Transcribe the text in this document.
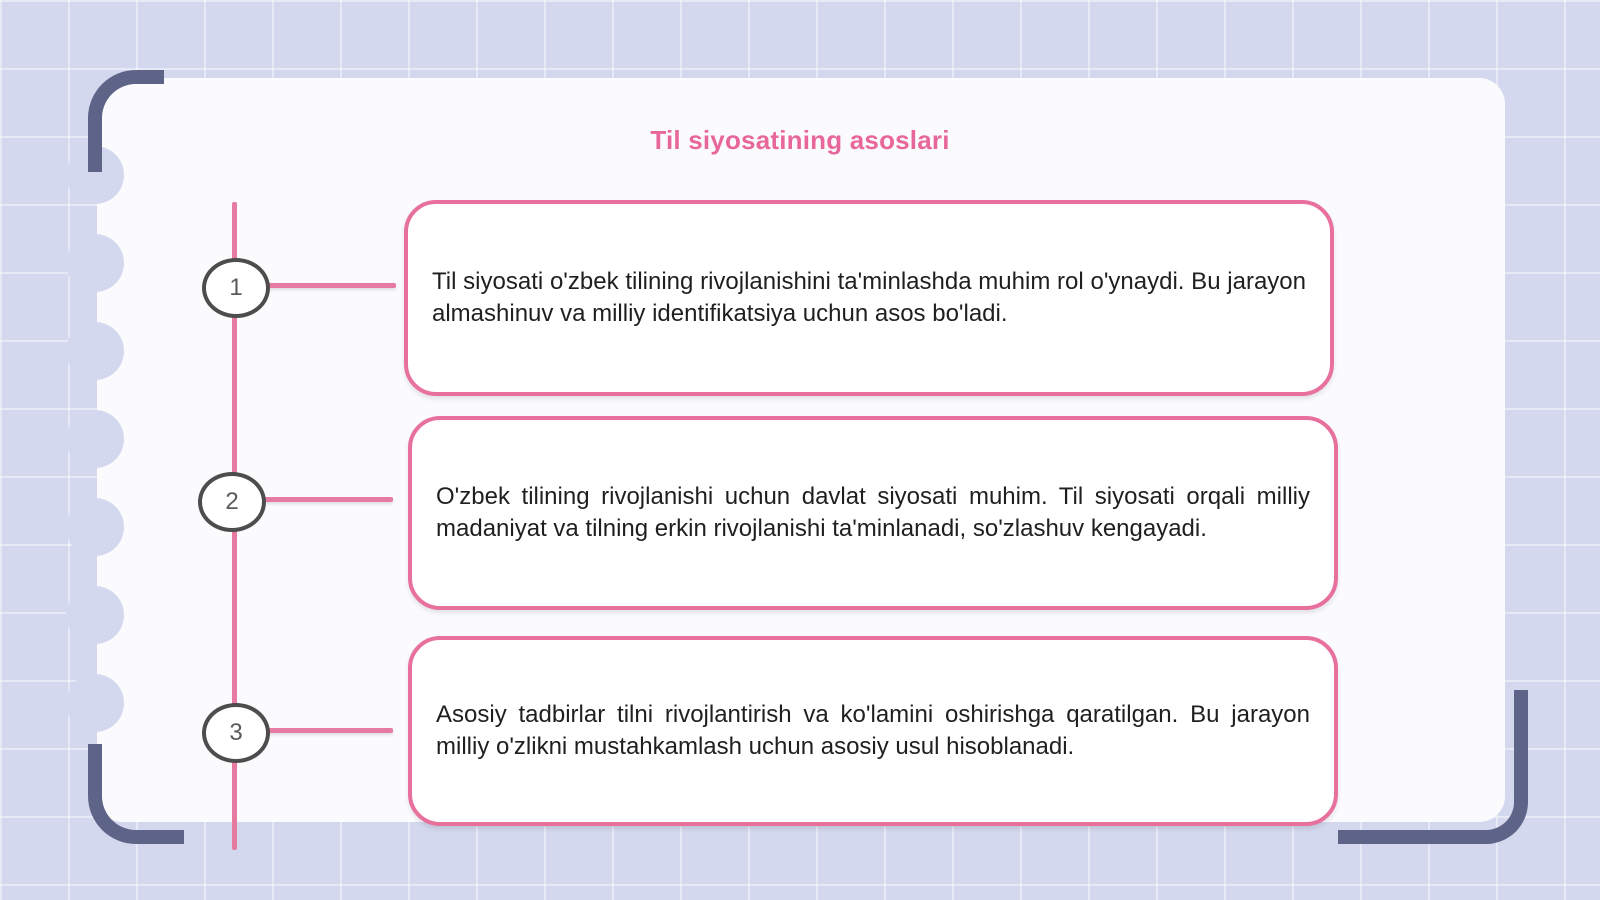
Til siyosatining asoslari
1	Til siyosati o'zbek tilining rivojlanishini ta'minlashda muhim rol o'ynaydi. Bu jarayon almashinuv va milliy identifikatsiya uchun asos bo'ladi.
2	O'zbek tilining rivojlanishi uchun davlat siyosati muhim. Til siyosati orqali milliy madaniyat va tilning erkin rivojlanishi ta'minlanadi, so'zlashuv kengayadi.
3
Asosiy tadbirlar tilni rivojlantirish va ko'lamini oshirishga qaratilgan. Bu jarayon milliy o'zlikni mustahkamlash uchun asosiy usul hisoblanadi.
